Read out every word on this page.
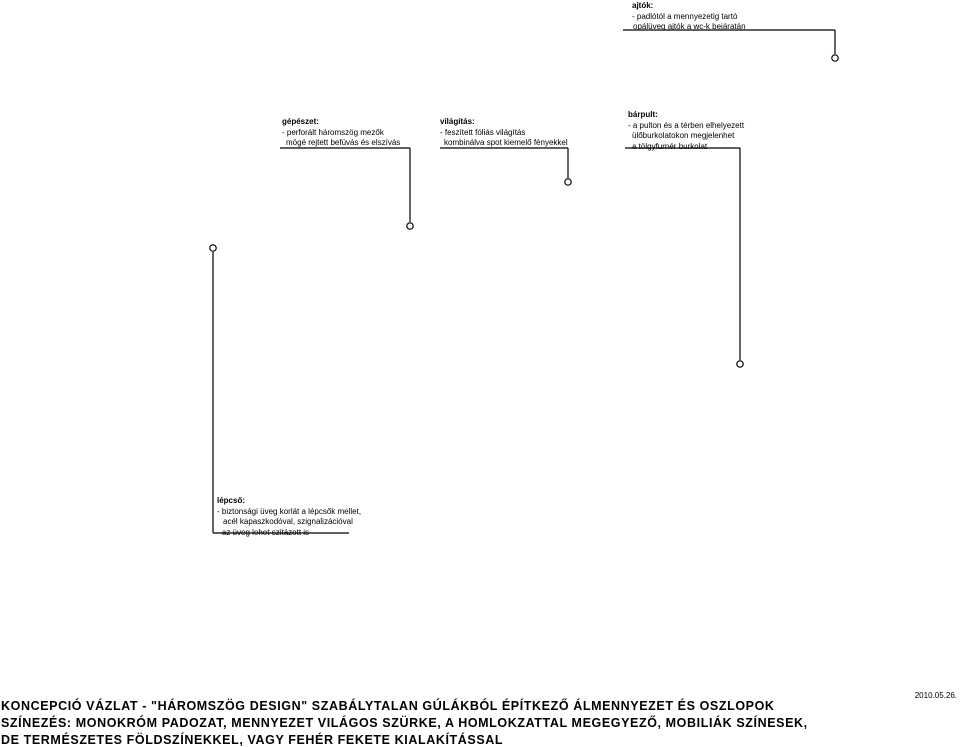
ajtók:
- padlótól a mennyezetig tartó
opálüveg ajtók a wc-k bejáratán
gépészet:
- perforált háromszög mezők
mögé rejtett befúvás és elszívás
világítás:
- feszített fóliás világítás
kombinálva spot kiemelő fényekkel
bárpult:
- a pulton és a térben elhelyezett
ülőburkolatokon megjelenhet
a tölgyfurnér burkolat
lépcső:
- biztonsági üveg korlát a lépcsők mellet,
acél kapaszkodóval, szignalizációval
- az üveg lehet szitázott is
KONCEPCIÓ VÁZLAT - "HÁROMSZÖG DESIGN" SZABÁLYTALAN GÚLÁKBÓL ÉPÍTKEZŐ ÁLMENNYEZET ÉS OSZLOPOK
SZÍNEZÉS: MONOKRÓM PADOZAT, MENNYEZET VILÁGOS SZÜRKE, A HOMLOKZATTAL MEGEGYEZŐ, MOBILIÁK SZÍNESEK,
DE TERMÉSZETES FÖLDSZÍNEKKEL, VAGY FEHÉR FEKETE KIALAKÍTÁSSAL
2010.05.26.
